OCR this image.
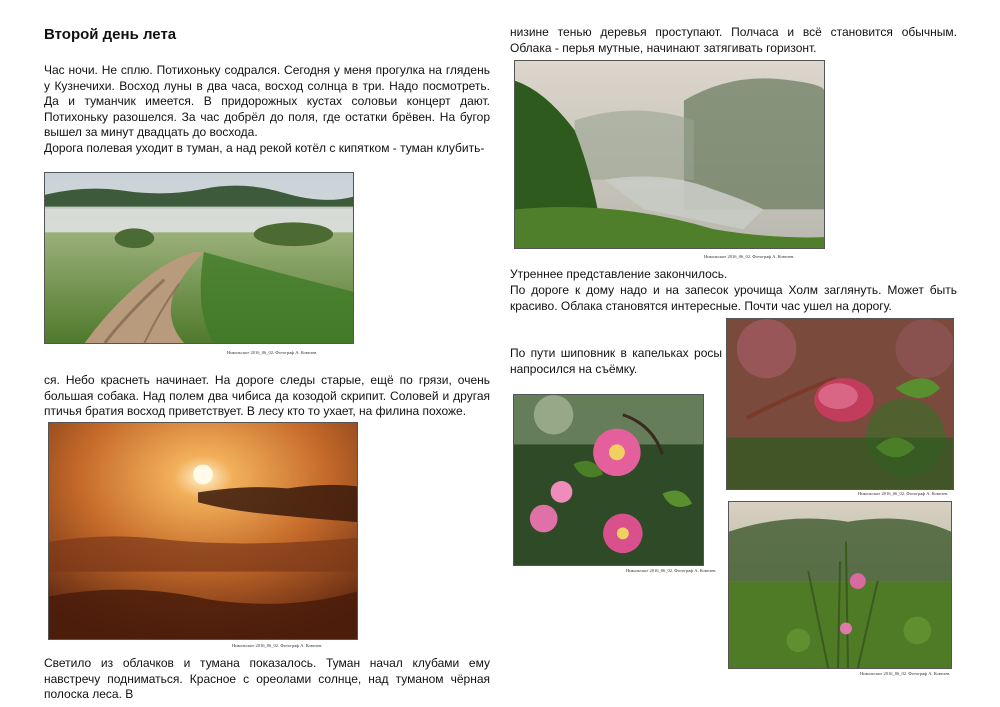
Второй день лета
Час ночи. Не сплю. Потихоньку содрался. Сегодня у меня прогулка на глядень у Кузнечихи. Восход луны в два часа, восход солнца в три. Надо посмотреть. Да и туманчик имеется. В придорожных кустах соловьи концерт дают. Потихоньку разошелся. За час добрёл до поля, где остатки брёвен. На бугор вышел за минут двадцать до восхода.
Дорога полевая уходит в туман, а над рекой котёл с кипятком - туман клубить-
Никольское 2016_06_02. Фотограф А. Ковелев.
ся. Небо краснеть начинает. На дороге следы старые, ещё по грязи, очень большая собака. Над полем два чибиса да козодой скрипит. Соловей и другая птичья братия восход приветствует. В лесу кто то ухает, на филина похоже.
Никольское 2016_06_02. Фотограф А. Ковелев.
Светило из облачков и тумана показалось. Туман начал клубами ему навстречу подниматься. Красное с ореолами солнце, над туманом чёрная полоска леса. В
низине тенью деревья проступают. Полчаса и всё становится обычным. Облака - перья мутные, начинают затягивать горизонт.
Никольское 2016_06_02. Фотограф А. Ковелев.
Утреннее представление закончилось.
По дороге к дому надо и на запесок урочища Холм заглянуть. Может быть красиво. Облака становятся интересные. Почти час ушел на дорогу.
По пути шиповник в капельках росы напросился на съёмку.
Никольское 2016_06_02. Фотограф А. Ковелев.
Никольское 2016_06_02. Фотограф А. Ковелев.
Никольское 2016_06_02. Фотограф А. Ковелев.
